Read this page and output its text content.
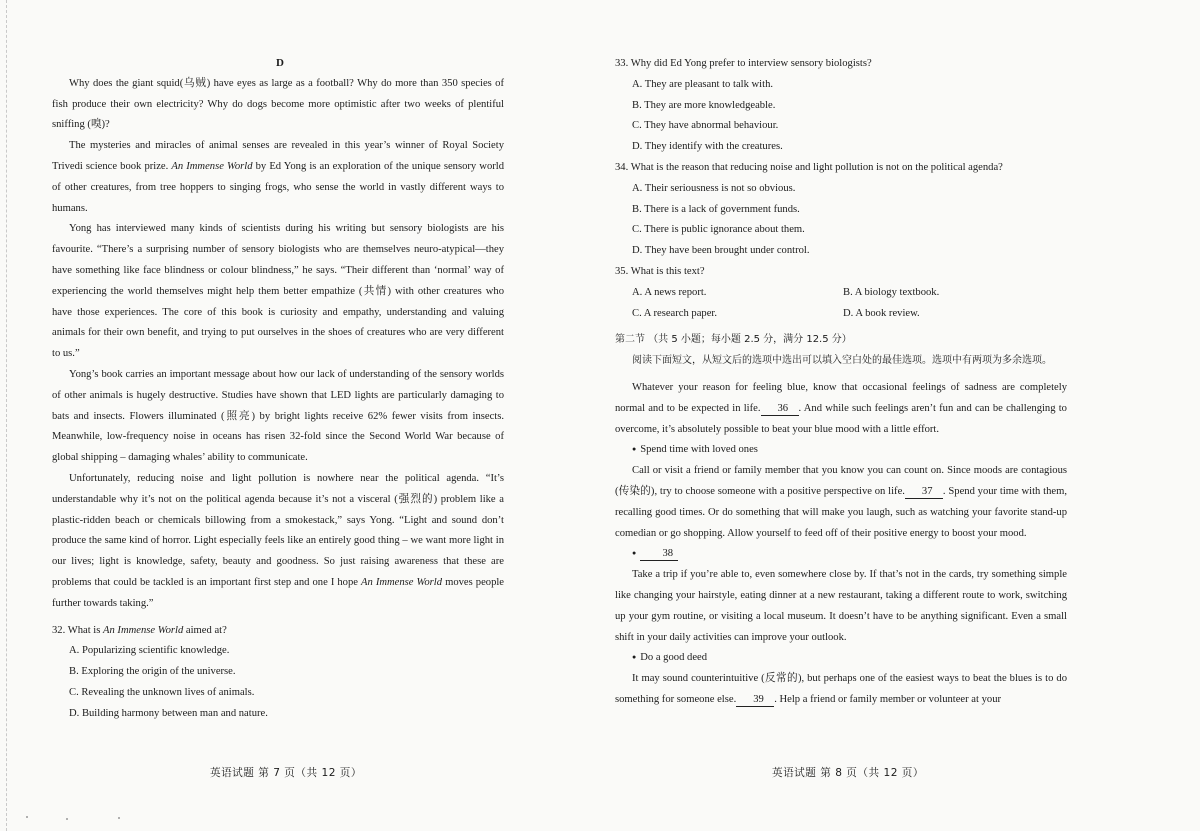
D

Why does the giant squid(乌贼) have eyes as large as a football? Why do more than 350 species of fish produce their own electricity? Why do dogs become more optimistic after two weeks of plentiful sniffing (嗅)?

The mysteries and miracles of animal senses are revealed in this year’s winner of Royal Society Trivedi science book prize. An Immense World by Ed Yong is an exploration of the unique sensory world of other creatures, from tree hoppers to singing frogs, who sense the world in vastly different ways to humans.

Yong has interviewed many kinds of scientists during his writing but sensory biologists are his favourite. “There’s a surprising number of sensory biologists who are themselves neuro-atypical—they have something like face blindness or colour blindness,” he says. “Their different than ‘normal’ way of experiencing the world themselves might help them better empathize (共情) with other creatures who have those experiences. The core of this book is curiosity and empathy, understanding and valuing animals for their own benefit, and trying to put ourselves in the shoes of creatures who are very different to us.”

Yong’s book carries an important message about how our lack of understanding of the sensory worlds of other animals is hugely destructive. Studies have shown that LED lights are particularly damaging to bats and insects. Flowers illuminated (照亮) by bright lights receive 62% fewer visits from insects. Meanwhile, low-frequency noise in oceans has risen 32-fold since the Second World War because of global shipping – damaging whales’ ability to communicate.

Unfortunately, reducing noise and light pollution is nowhere near the political agenda. “It’s understandable why it’s not on the political agenda because it’s not a visceral (强烈的) problem like a plastic-ridden beach or chemicals billowing from a smokestack,” says Yong. “Light and sound don’t produce the same kind of horror. Light especially feels like an entirely good thing – we want more light in our lives; light is knowledge, safety, beauty and goodness. So just raising awareness that these are problems that could be tackled is an important first step and one I hope An Immense World moves people further towards taking.”

32. What is An Immense World aimed at?

A. Popularizing scientific knowledge.

B. Exploring the origin of the universe.

C. Revealing the unknown lives of animals.

D. Building harmony between man and nature.

英语试题 第 7 页（共 12 页）

33. Why did Ed Yong prefer to interview sensory biologists?

A. They are pleasant to talk with.

B. They are more knowledgeable.

C. They have abnormal behaviour.

D. They identify with the creatures.

34. What is the reason that reducing noise and light pollution is not on the political agenda?

A. Their seriousness is not so obvious.

B. There is a lack of government funds.

C. There is public ignorance about them.

D. They have been brought under control.

35. What is this text?

A. A news report.	B. A biology textbook.

C. A research paper.	D. A book review.

第二节 （共 5 小题；每小题 2.5 分，满分 12.5 分）

阅读下面短文，从短文后的选项中选出可以填入空白处的最佳选项。选项中有两项为多余选项。

Whatever your reason for feeling blue, know that occasional feelings of sadness are completely normal and to be expected in life. 36 . And while such feelings aren’t fun and can be challenging to overcome, it’s absolutely possible to beat your blue mood with a little effort.

● Spend time with loved ones

Call or visit a friend or family member that you know you can count on. Since moods are contagious (传染的), try to choose someone with a positive perspective on life. 37 . Spend your time with them, recalling good times. Or do something that will make you laugh, such as watching your favorite stand-up comedian or go shopping. Allow yourself to feed off of their positive energy to boost your mood.

● 38

Take a trip if you’re able to, even somewhere close by. If that’s not in the cards, try something simple like changing your hairstyle, eating dinner at a new restaurant, taking a different route to work, switching up your gym routine, or visiting a local museum. It doesn’t have to be anything significant. Even a small shift in your daily activities can improve your outlook.

● Do a good deed

It may sound counterintuitive (反常的), but perhaps one of the easiest ways to beat the blues is to do something for someone else. 39 . Help a friend or family member or volunteer at your

英语试题 第 8 页（共 12 页）
